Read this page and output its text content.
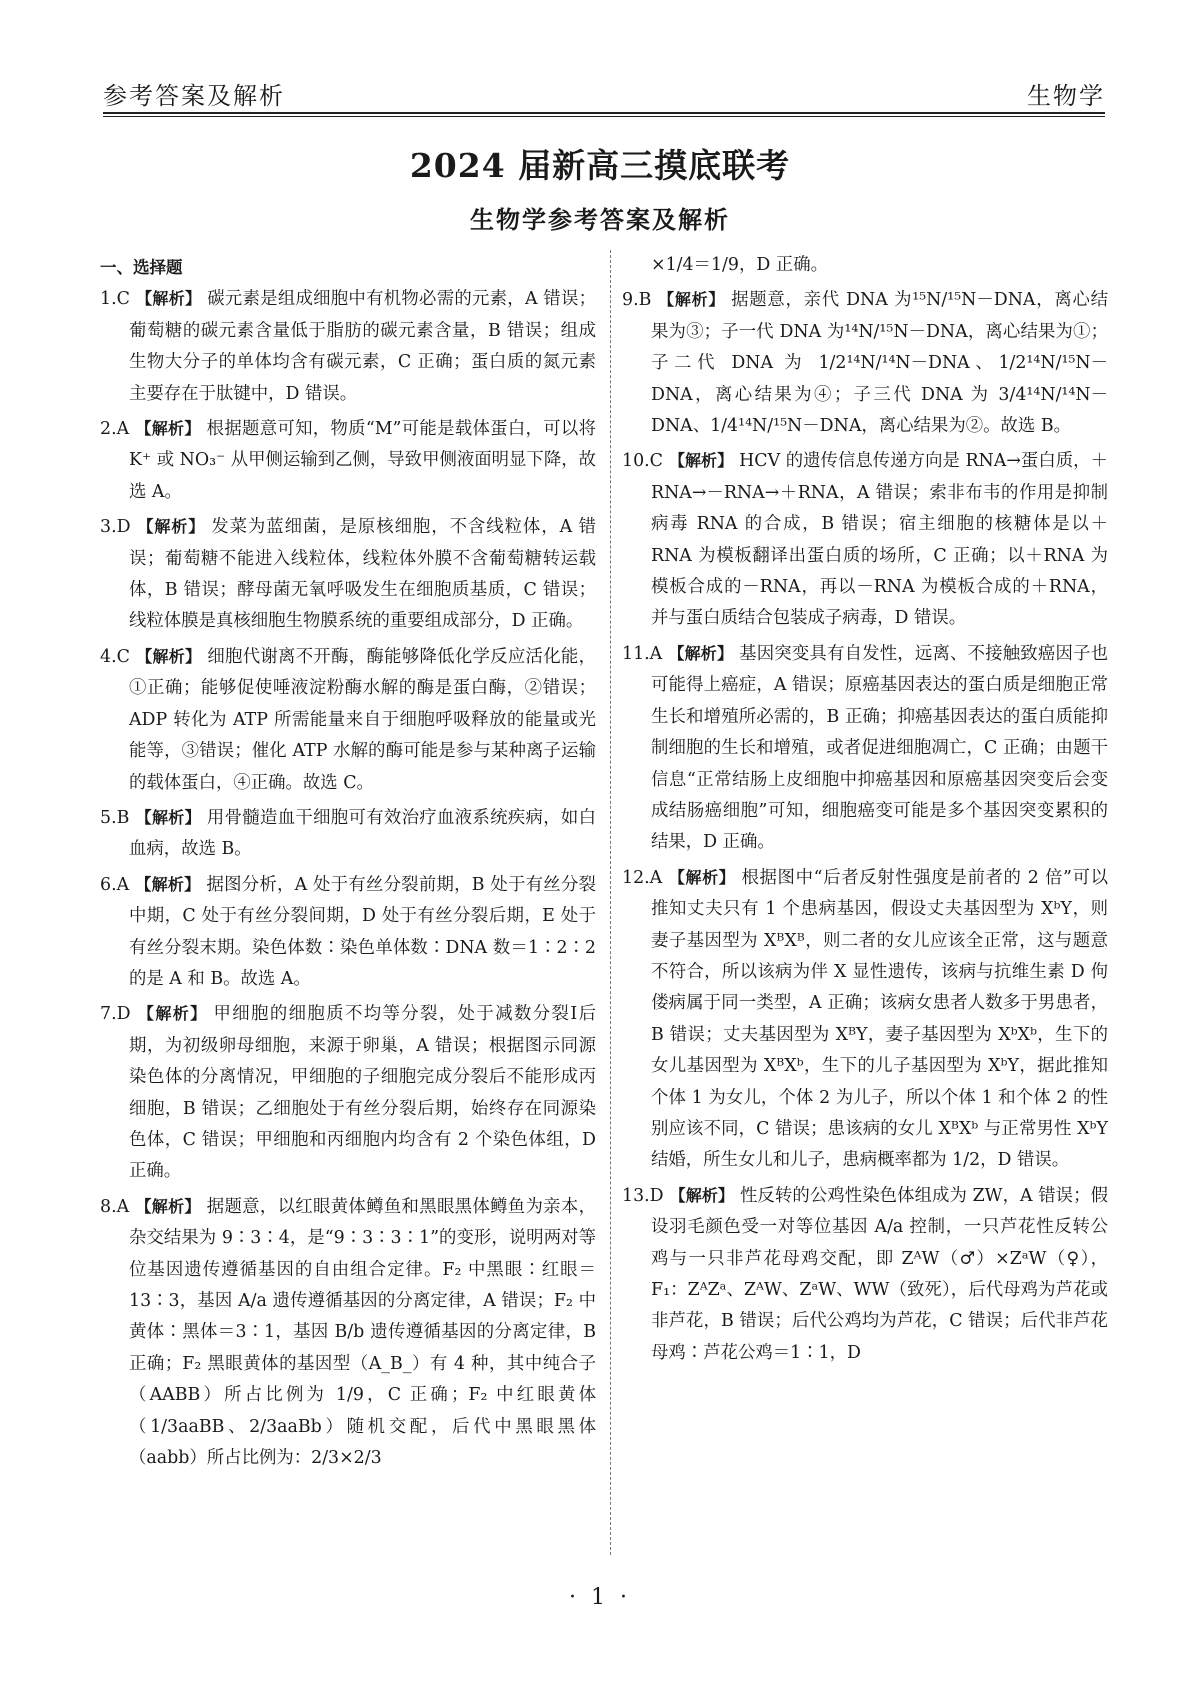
参考答案及解析	生物学
2024 届新高三摸底联考
生物学参考答案及解析
一、选择题

1.C 【解析】 碳元素是组成细胞中有机物必需的元素，A 错误；葡萄糖的碳元素含量低于脂肪的碳元素含量，B 错误；组成生物大分子的单体均含有碳元素，C 正确；蛋白质的氮元素主要存在于肽键中，D 错误。

2.A 【解析】 根据题意可知，物质“M”可能是载体蛋白，可以将 K⁺ 或 NO₃⁻ 从甲侧运输到乙侧，导致甲侧液面明显下降，故选 A。

3.D 【解析】 发菜为蓝细菌，是原核细胞，不含线粒体，A 错误；葡萄糖不能进入线粒体，线粒体外膜不含葡萄糖转运载体，B 错误；酵母菌无氧呼吸发生在细胞质基质，C 错误；线粒体膜是真核细胞生物膜系统的重要组成部分，D 正确。

4.C 【解析】 细胞代谢离不开酶，酶能够降低化学反应活化能，①正确；能够促使唾液淀粉酶水解的酶是蛋白酶，②错误；ADP 转化为 ATP 所需能量来自于细胞呼吸释放的能量或光能等，③错误；催化 ATP 水解的酶可能是参与某种离子运输的载体蛋白，④正确。故选 C。

5.B 【解析】 用骨髓造血干细胞可有效治疗血液系统疾病，如白血病，故选 B。

6.A 【解析】 据图分析，A 处于有丝分裂前期，B 处于有丝分裂中期，C 处于有丝分裂间期，D 处于有丝分裂后期，E 处于有丝分裂末期。染色体数∶染色单体数∶DNA 数＝1∶2∶2的是 A 和 B。故选 A。

7.D 【解析】 甲细胞的细胞质不均等分裂，处于减数分裂Ⅰ后期，为初级卵母细胞，来源于卵巢，A 错误；根据图示同源染色体的分离情况，甲细胞的子细胞完成分裂后不能形成丙细胞，B 错误；乙细胞处于有丝分裂后期，始终存在同源染色体，C 错误；甲细胞和丙细胞内均含有 2 个染色体组，D 正确。

8.A 【解析】 据题意，以红眼黄体鳟鱼和黑眼黑体鳟鱼为亲本，杂交结果为 9∶3∶4，是“9∶3∶3∶1”的变形，说明两对等位基因遗传遵循基因的自由组合定律。F₂ 中黑眼∶红眼＝13∶3，基因 A/a 遗传遵循基因的分离定律，A 错误；F₂ 中黄体∶黑体＝3∶1，基因 B/b 遗传遵循基因的分离定律，B 正确；F₂ 黑眼黄体的基因型（A_B_）有 4 种，其中纯合子（AABB）所占比例为 1/9，C 正确；F₂ 中红眼黄体（1/3aaBB、2/3aaBb）随机交配，后代中黑眼黑体（aabb）所占比例为：2/3×2/3

×1/4＝1/9，D 正确。

9.B 【解析】 据题意，亲代 DNA 为¹⁵N/¹⁵N－DNA，离心结果为③；子一代 DNA 为¹⁴N/¹⁵N－DNA，离心结果为①；子二代 DNA 为 1/2¹⁴N/¹⁴N－DNA、1/2¹⁴N/¹⁵N－DNA，离心结果为④；子三代 DNA 为 3/4¹⁴N/¹⁴N－DNA、1/4¹⁴N/¹⁵N－DNA，离心结果为②。故选 B。

10.C 【解析】 HCV 的遗传信息传递方向是 RNA→蛋白质，＋RNA→－RNA→＋RNA，A 错误；索非布韦的作用是抑制病毒 RNA 的合成，B 错误；宿主细胞的核糖体是以＋RNA 为模板翻译出蛋白质的场所，C 正确；以＋RNA 为模板合成的－RNA，再以－RNA 为模板合成的＋RNA，并与蛋白质结合包装成子病毒，D 错误。

11.A 【解析】 基因突变具有自发性，远离、不接触致癌因子也可能得上癌症，A 错误；原癌基因表达的蛋白质是细胞正常生长和增殖所必需的，B 正确；抑癌基因表达的蛋白质能抑制细胞的生长和增殖，或者促进细胞凋亡，C 正确；由题干信息“正常结肠上皮细胞中抑癌基因和原癌基因突变后会变成结肠癌细胞”可知，细胞癌变可能是多个基因突变累积的结果，D 正确。

12.A 【解析】 根据图中“后者反射性强度是前者的 2 倍”可以推知丈夫只有 1 个患病基因，假设丈夫基因型为 XᵇY，则妻子基因型为 XᴮXᴮ，则二者的女儿应该全正常，这与题意不符合，所以该病为伴 X 显性遗传，该病与抗维生素 D 佝偻病属于同一类型，A 正确；该病女患者人数多于男患者，B 错误；丈夫基因型为 XᴮY，妻子基因型为 XᵇXᵇ，生下的女儿基因型为 XᴮXᵇ，生下的儿子基因型为 XᵇY，据此推知个体 1 为女儿，个体 2 为儿子，所以个体 1 和个体 2 的性别应该不同，C 错误；患该病的女儿 XᴮXᵇ 与正常男性 XᵇY 结婚，所生女儿和儿子，患病概率都为 1/2，D 错误。

13.D 【解析】 性反转的公鸡性染色体组成为 ZW，A 错误；假设羽毛颜色受一对等位基因 A/a 控制，一只芦花性反转公鸡与一只非芦花母鸡交配，即 ZᴬW（♂）×ZᵃW（♀），F₁：ZᴬZᵃ、ZᴬW、ZᵃW、WW（致死），后代母鸡为芦花或非芦花，B 错误；后代公鸡均为芦花，C 错误；后代非芦花母鸡∶芦花公鸡＝1∶1，D

· 1 ·
